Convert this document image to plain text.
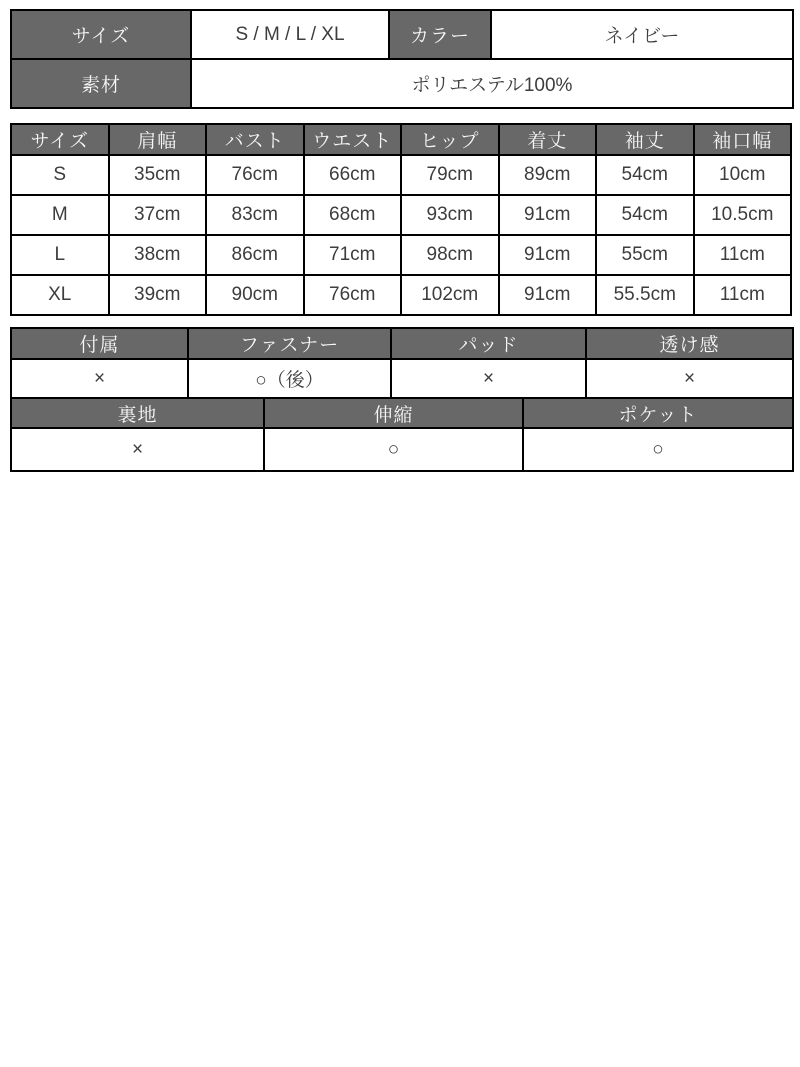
サイズ	S / M / L / XL	カラー	ネイビー
素材	ポリエステル100%		
サイズ	肩幅	バスト	ウエスト	ヒップ	着丈	袖丈	袖口幅
S	35cm	76cm	66cm	79cm	89cm	54cm	10cm
M	37cm	83cm	68cm	93cm	91cm	54cm	10.5cm
L	38cm	86cm	71cm	98cm	91cm	55cm	11cm
XL	39cm	90cm	76cm	102cm	91cm	55.5cm	11cm
付属	ファスナー	パッド	透け感
×	○（後）	×	×
裏地	伸縮	ポケット
×	○	○
